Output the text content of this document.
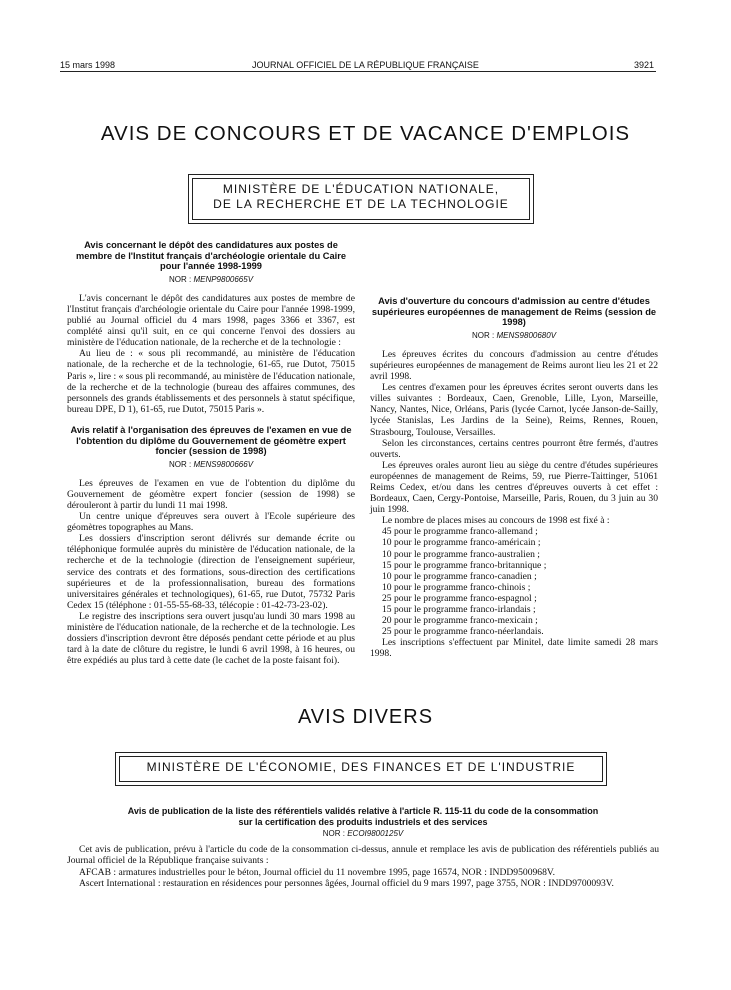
15 mars 1998	JOURNAL OFFICIEL DE LA RÉPUBLIQUE FRANÇAISE	3921
AVIS DE CONCOURS ET DE VACANCE D'EMPLOIS
MINISTÈRE DE L'ÉDUCATION NATIONALE,
DE LA RECHERCHE ET DE LA TECHNOLOGIE
Avis concernant le dépôt des candidatures aux postes de membre de l'Institut français d'archéologie orientale du Caire pour l'année 1998-1999
NOR : MENP9800665V

L'avis concernant le dépôt des candidatures aux postes de membre de l'Institut français d'archéologie orientale du Caire pour l'année 1998-1999, publié au Journal officiel du 4 mars 1998, pages 3366 et 3367, est complété ainsi qu'il suit, en ce qui concerne l'envoi des dossiers au ministère de l'éducation nationale, de la recherche et de la technologie :

Au lieu de : « sous pli recommandé, au ministère de l'éducation nationale, de la recherche et de la technologie, 61-65, rue Dutot, 75015 Paris », lire : « sous pli recommandé, au ministère de l'éducation nationale, de la recherche et de la technologie (bureau des affaires communes, des personnels des grands établissements et des personnels à statut spécifique, bureau DPE, D 1), 61-65, rue Dutot, 75015 Paris ».

Avis relatif à l'organisation des épreuves de l'examen en vue de l'obtention du diplôme du Gouvernement de géomètre expert foncier (session de 1998)
NOR : MENS9800666V

Les épreuves de l'examen en vue de l'obtention du diplôme du Gouvernement de géomètre expert foncier (session de 1998) se dérouleront à partir du lundi 11 mai 1998.

Un centre unique d'épreuves sera ouvert à l'Ecole supérieure des géomètres topographes au Mans.

Les dossiers d'inscription seront délivrés sur demande écrite ou téléphonique formulée auprès du ministère de l'éducation nationale, de la recherche et de la technologie (direction de l'enseignement supérieur, service des contrats et des formations, sous-direction des certifications supérieures et de la professionnalisation, bureau des formations universitaires générales et technologiques), 61-65, rue Dutot, 75732 Paris Cedex 15 (téléphone : 01-55-55-68-33, télécopie : 01-42-73-23-02).

Le registre des inscriptions sera ouvert jusqu'au lundi 30 mars 1998 au ministère de l'éducation nationale, de la recherche et de la technologie. Les dossiers d'inscription devront être déposés pendant cette période et au plus tard à la date de clôture du registre, le lundi 6 avril 1998, à 16 heures, ou être expédiés au plus tard à cette date (le cachet de la poste faisant foi).

Avis d'ouverture du concours d'admission au centre d'études supérieures européennes de management de Reims (session de 1998)
NOR : MENS9800680V

Les épreuves écrites du concours d'admission au centre d'études supérieures européennes de management de Reims auront lieu les 21 et 22 avril 1998.

Les centres d'examen pour les épreuves écrites seront ouverts dans les villes suivantes : Bordeaux, Caen, Grenoble, Lille, Lyon, Marseille, Nancy, Nantes, Nice, Orléans, Paris (lycée Carnot, lycée Janson-de-Sailly, lycée Stanislas, Les Jardins de la Seine), Reims, Rennes, Rouen, Strasbourg, Toulouse, Versailles.

Selon les circonstances, certains centres pourront être fermés, d'autres ouverts.

Les épreuves orales auront lieu au siège du centre d'études supérieures européennes de management de Reims, 59, rue Pierre-Taittinger, 51061 Reims Cedex, et/ou dans les centres d'épreuves ouverts à cet effet : Bordeaux, Caen, Cergy-Pontoise, Marseille, Paris, Rouen, du 3 juin au 30 juin 1998.

Le nombre de places mises au concours de 1998 est fixé à :

45 pour le programme franco-allemand ;
10 pour le programme franco-américain ;
10 pour le programme franco-australien ;
15 pour le programme franco-britannique ;
10 pour le programme franco-canadien ;
10 pour le programme franco-chinois ;
25 pour le programme franco-espagnol ;
15 pour le programme franco-irlandais ;
20 pour le programme franco-mexicain ;
25 pour le programme franco-néerlandais.

Les inscriptions s'effectuent par Minitel, date limite samedi 28 mars 1998.

AVIS DIVERS
MINISTÈRE DE L'ÉCONOMIE, DES FINANCES ET DE L'INDUSTRIE
Avis de publication de la liste des référentiels validés relative à l'article R. 115-11 du code de la consommation
sur la certification des produits industriels et des services
NOR : ECOI9800125V

Cet avis de publication, prévu à l'article du code de la consommation ci-dessus, annule et remplace les avis de publication des référentiels publiés au Journal officiel de la République française suivants :

AFCAB : armatures industrielles pour le béton, Journal officiel du 11 novembre 1995, page 16574, NOR : INDD9500968V.

Ascert International : restauration en résidences pour personnes âgées, Journal officiel du 9 mars 1997, page 3755, NOR : INDD9700093V.
